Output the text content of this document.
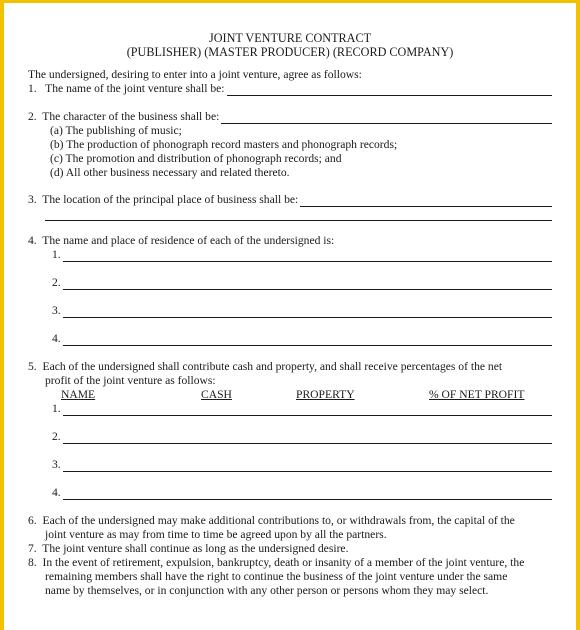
JOINT VENTURE CONTRACT
(PUBLISHER) (MASTER PRODUCER) (RECORD COMPANY)
The undersigned, desiring to enter into a joint venture, agree as follows:
1.   The name of the joint venture shall be:
2.  The character of the business shall be:
(a) The publishing of music;
(b) The production of phonograph record masters and phonograph records;
(c) The promotion and distribution of phonograph records; and
(d) All other business necessary and related thereto.
3.  The location of the principal place of business shall be:
4.  The name and place of residence of each of the undersigned is:
1.
2.
3.
4.
5.  Each of the undersigned shall contribute cash and property, and shall receive percentages of the net
profit of the joint venture as follows:
NAME	CASH	PROPERTY	% OF NET PROFIT
1.
2.
3.
4.
6.  Each of the undersigned may make additional contributions to, or withdrawals from, the capital of the
joint venture as may from time to time be agreed upon by all the partners.
7.  The joint venture shall continue as long as the undersigned desire.
8.  In the event of retirement, expulsion, bankruptcy, death or insanity of a member of the joint venture, the
remaining members shall have the right to continue the business of the joint venture under the same
name by themselves, or in conjunction with any other person or persons whom they may select.
